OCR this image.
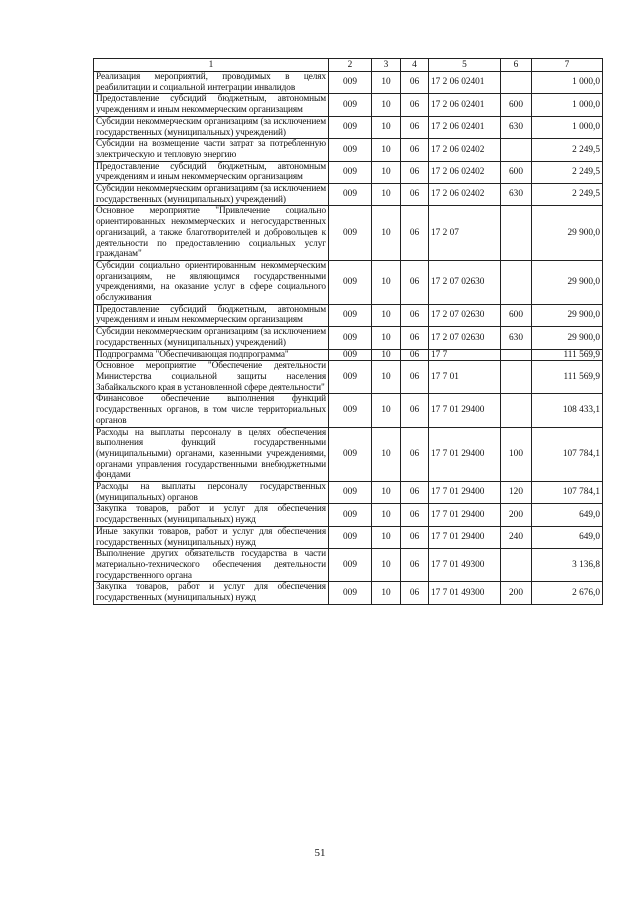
1	2	3	4	5	6	7
Реализация мероприятий, проводимых в целях реабилитации и социальной интеграции инвалидов	009	10	06	17 2 06 02401		1 000,0
Предоставление субсидий бюджетным, автономным учреждениям и иным некоммерческим организациям	009	10	06	17 2 06 02401	600	1 000,0
Субсидии некоммерческим организациям (за исключением государственных (муниципальных) учреждений)	009	10	06	17 2 06 02401	630	1 000,0
Субсидии на возмещение части затрат за потребленную электрическую и тепловую энергию	009	10	06	17 2 06 02402		2 249,5
Предоставление субсидий бюджетным, автономным учреждениям и иным некоммерческим организациям	009	10	06	17 2 06 02402	600	2 249,5
Субсидии некоммерческим организациям (за исключением государственных (муниципальных) учреждений)	009	10	06	17 2 06 02402	630	2 249,5
Основное мероприятие "Привлечение социально ориентированных некоммерческих и негосударственных организаций, а также благотворителей и добровольцев к деятельности по предоставлению социальных услуг гражданам"	009	10	06	17 2 07		29 900,0
Субсидии социально ориентированным некоммерческим организациям, не являющимся государственными учреждениями, на оказание услуг в сфере социального обслуживания	009	10	06	17 2 07 02630		29 900,0
Предоставление субсидий бюджетным, автономным учреждениям и иным некоммерческим организациям	009	10	06	17 2 07 02630	600	29 900,0
Субсидии некоммерческим организациям (за исключением государственных (муниципальных) учреждений)	009	10	06	17 2 07 02630	630	29 900,0
Подпрограмма "Обеспечивающая подпрограмма"	009	10	06	17 7		111 569,9
Основное мероприятие "Обеспечение деятельности Министерства социальной защиты населения Забайкальского края в установленной сфере деятельности"	009	10	06	17 7 01		111 569,9
Финансовое обеспечение выполнения функций государственных органов, в том числе территориальных органов	009	10	06	17 7 01 29400		108 433,1
Расходы на выплаты персоналу в целях обеспечения выполнения функций государственными (муниципальными) органами, казенными учреждениями, органами управления государственными внебюджетными фондами	009	10	06	17 7 01 29400	100	107 784,1
Расходы на выплаты персоналу государственных (муниципальных) органов	009	10	06	17 7 01 29400	120	107 784,1
Закупка товаров, работ и услуг для обеспечения государственных (муниципальных) нужд	009	10	06	17 7 01 29400	200	649,0
Иные закупки товаров, работ и услуг для обеспечения государственных (муниципальных) нужд	009	10	06	17 7 01 29400	240	649,0
Выполнение других обязательств государства в части материально-технического обеспечения деятельности государственного органа	009	10	06	17 7 01 49300		3 136,8
Закупка товаров, работ и услуг для обеспечения государственных (муниципальных) нужд	009	10	06	17 7 01 49300	200	2 676,0
51
